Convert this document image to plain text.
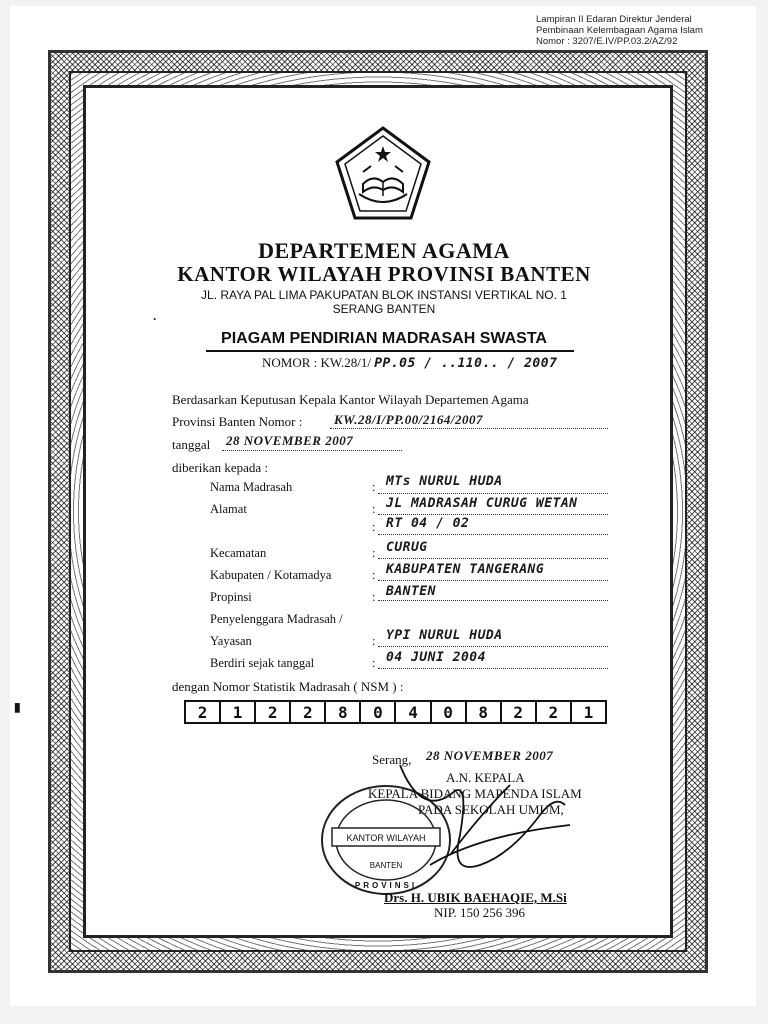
Lampiran II Edaran Direktur Jenderal
Pembinaan Kelembagaan Agama Islam
Nomor : 3207/E.IV/PP.03.2/AZ/92
DEPARTEMEN AGAMA
KANTOR WILAYAH PROVINSI BANTEN
JL. RAYA PAL LIMA PAKUPATAN BLOK INSTANSI VERTIKAL NO. 1
SERANG BANTEN
PIAGAM PENDIRIAN MADRASAH SWASTA
NOMOR : KW.28/1/ PP.05 / ..110.. / 2007
Berdasarkan Keputusan Kepala Kantor Wilayah Departemen Agama
Provinsi Banten Nomor : KW.28/I/PP.00/2164/2007
tanggal 28 NOVEMBER 2007
diberikan kepada :
Nama Madrasah	: MTs NURUL HUDA
Alamat	: JL MADRASAH CURUG WETAN
: RT 04 / 02
Kecamatan	: CURUG
Kabupaten / Kotamadya	: KABUPATEN TANGERANG
Propinsi	: BANTEN
Penyelenggara Madrasah /
Yayasan	: YPI NURUL HUDA
Berdiri sejak tanggal	: 04 JUNI 2004
dengan Nomor Statistik Madrasah ( NSM ) :
2	1	2	2	8	0	4	0	8	2	2	1
Serang, 28 NOVEMBER 2007
A.N. KEPALA
KEPALA BIDANG MAPENDA ISLAM
PADA SEKOLAH UMUM,
KANTOR WILAYAH
BANTEN
PROVINSI
Drs. H. UBIK BAEHAQIE, M.Si
NIP. 150 256 396
·
▮
